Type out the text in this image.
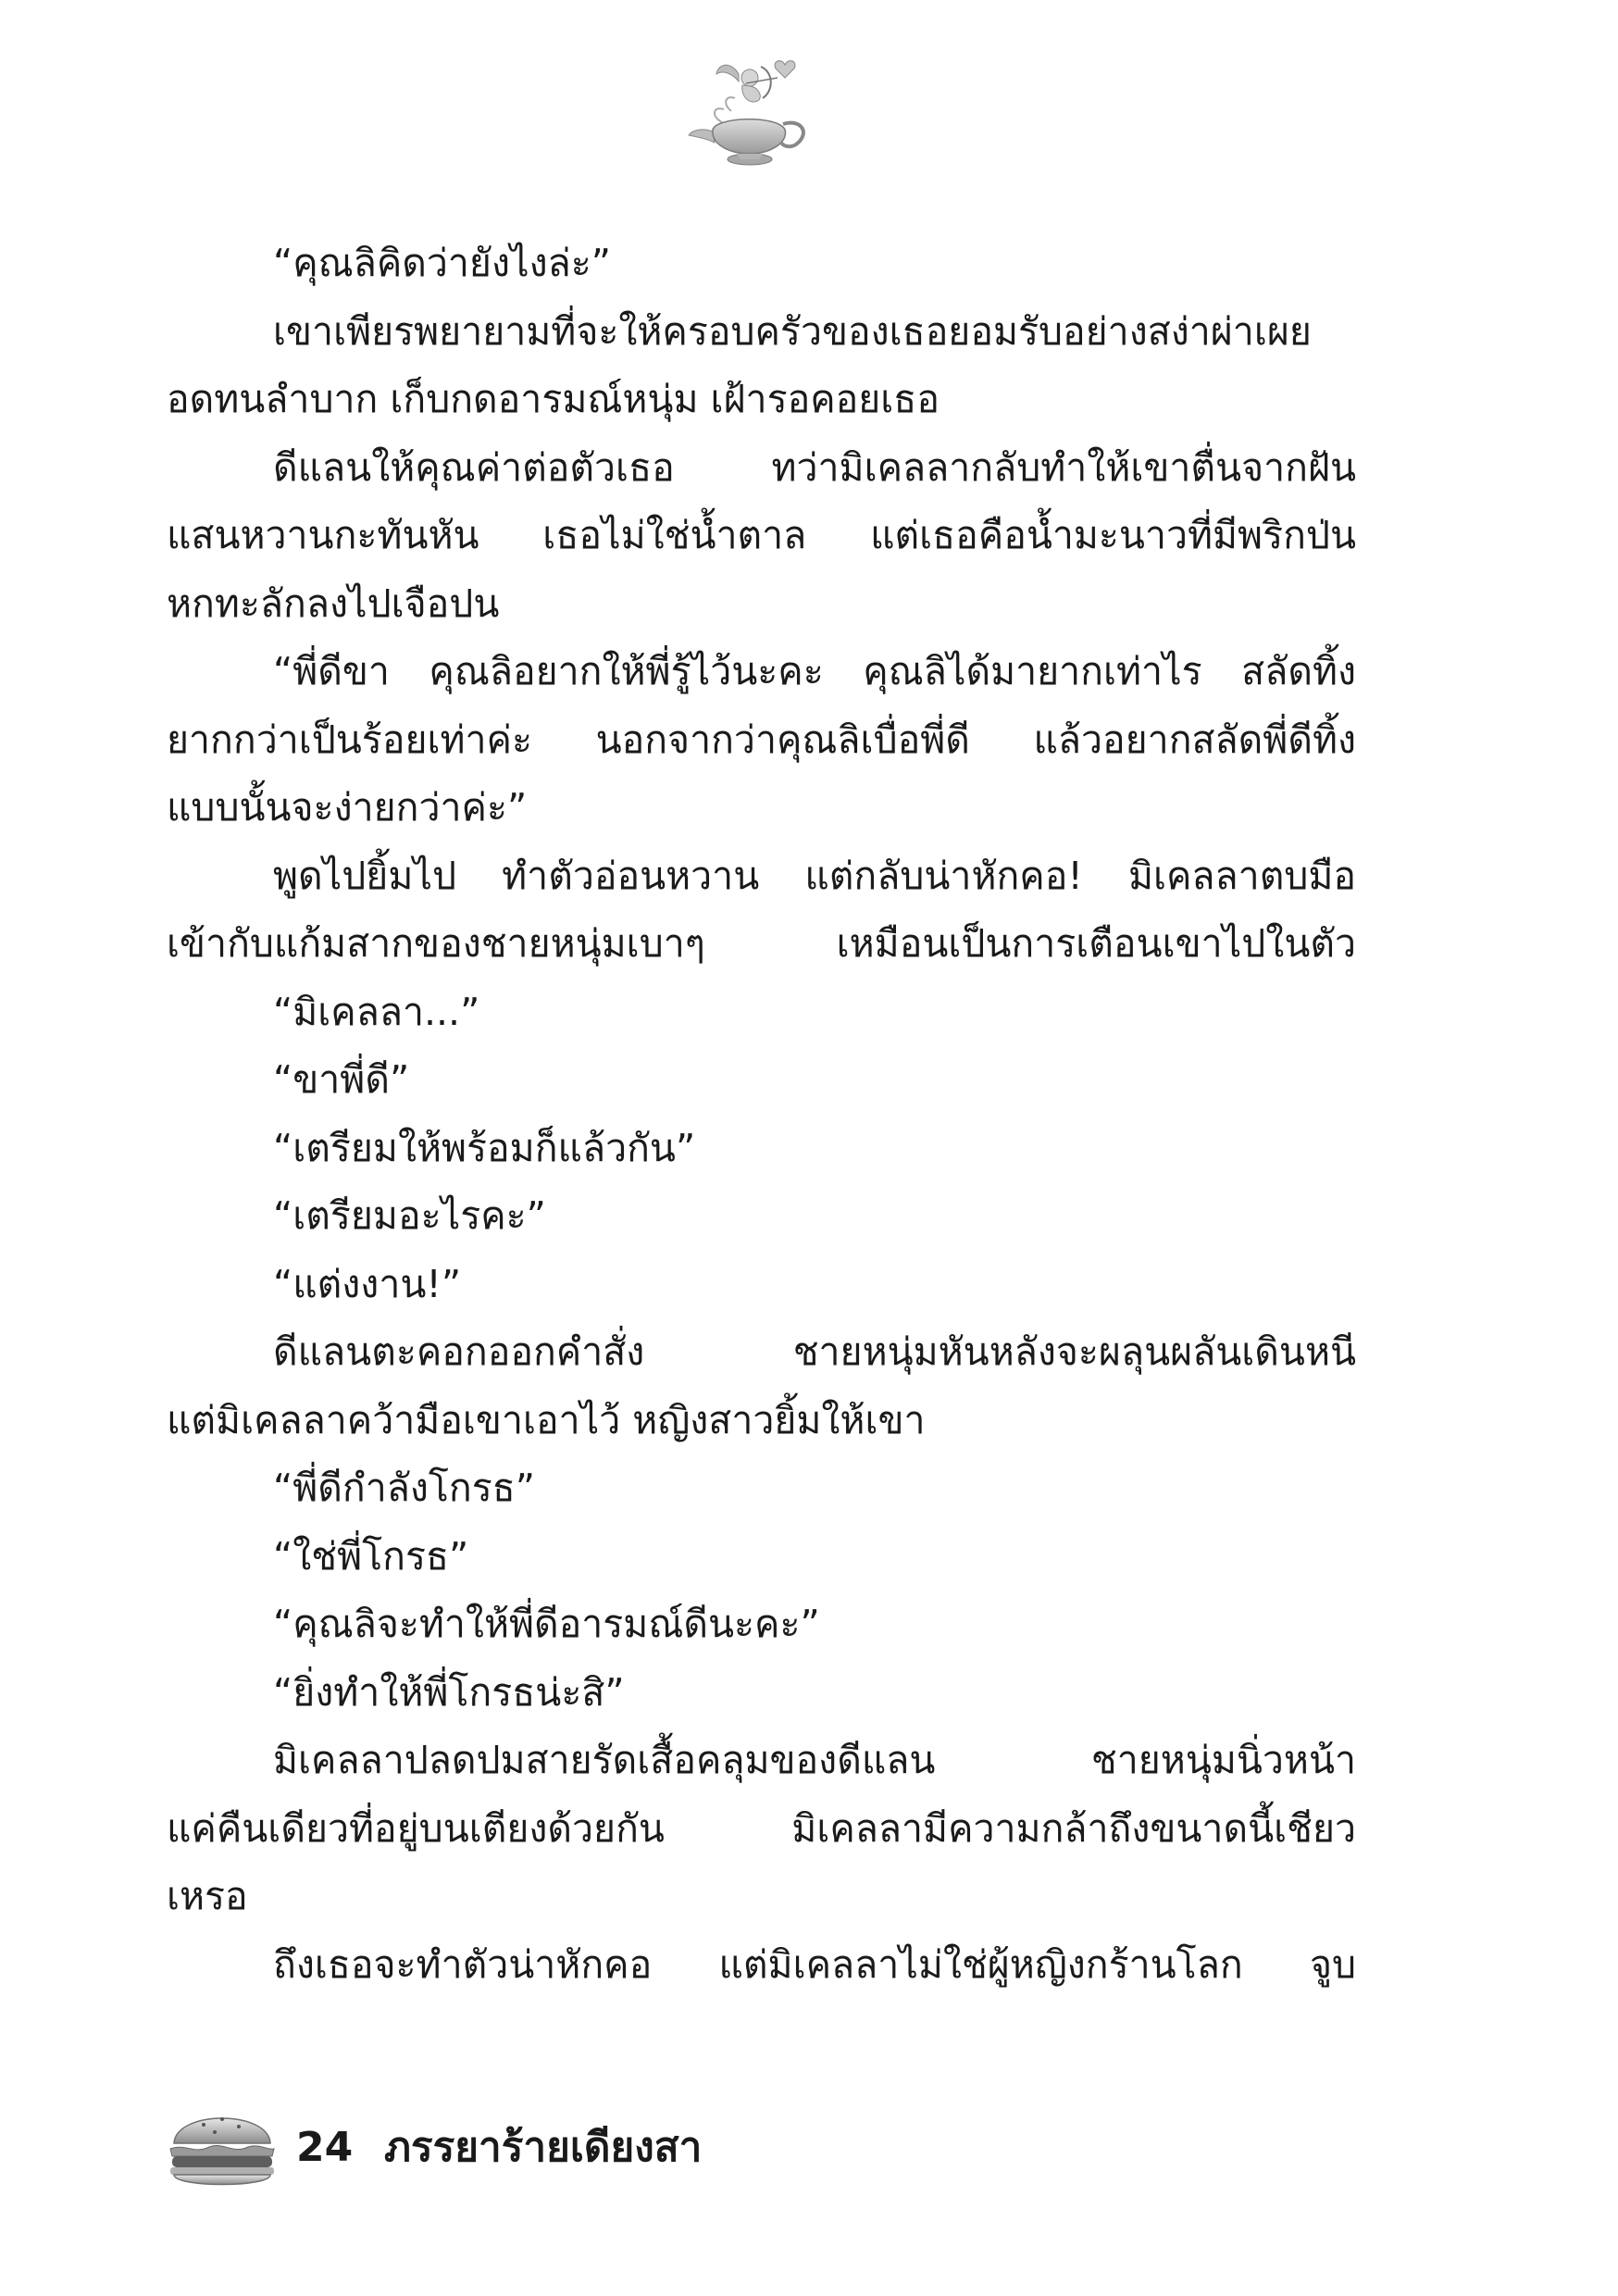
“คุณลิคิดว่ายังไงล่ะ”
เขาเพียรพยายามที่จะให้ครอบครัวของเธอยอมรับอย่างสง่าผ่าเผย
อดทนลำบาก เก็บกดอารมณ์หนุ่ม เฝ้ารอคอยเธอ
ดีแลนให้คุณค่าต่อตัวเธอ ทว่ามิเคลลากลับทำให้เขาตื่นจากฝัน
แสนหวานกะทันหัน เธอไม่ใช่น้ำตาล แต่เธอคือน้ำมะนาวที่มีพริกป่น
หกทะลักลงไปเจือปน
“พี่ดีขา คุณลิอยากให้พี่รู้ไว้นะคะ คุณลิได้มายากเท่าไร สลัดทิ้ง
ยากกว่าเป็นร้อยเท่าค่ะ นอกจากว่าคุณลิเบื่อพี่ดี แล้วอยากสลัดพี่ดีทิ้ง
แบบนั้นจะง่ายกว่าค่ะ”
พูดไปยิ้มไป ทำตัวอ่อนหวาน แต่กลับน่าหักคอ! มิเคลลาตบมือ
เข้ากับแก้มสากของชายหนุ่มเบาๆ เหมือนเป็นการเตือนเขาไปในตัว
“มิเคลลา...”
“ขาพี่ดี”
“เตรียมให้พร้อมก็แล้วกัน”
“เตรียมอะไรคะ”
“แต่งงาน!”
ดีแลนตะคอกออกคำสั่ง ชายหนุ่มหันหลังจะผลุนผลันเดินหนี
แต่มิเคลลาคว้ามือเขาเอาไว้ หญิงสาวยิ้มให้เขา
“พี่ดีกำลังโกรธ”
“ใช่พี่โกรธ”
“คุณลิจะทำให้พี่ดีอารมณ์ดีนะคะ”
“ยิ่งทำให้พี่โกรธน่ะสิ”
มิเคลลาปลดปมสายรัดเสื้อคลุมของดีแลน ชายหนุ่มนิ่วหน้า
แค่คืนเดียวที่อยู่บนเตียงด้วยกัน มิเคลลามีความกล้าถึงขนาดนี้เชียว
เหรอ
ถึงเธอจะทำตัวน่าหักคอ แต่มิเคลลาไม่ใช่ผู้หญิงกร้านโลก จูบ
24 ภรรยาร้ายเดียงสา
